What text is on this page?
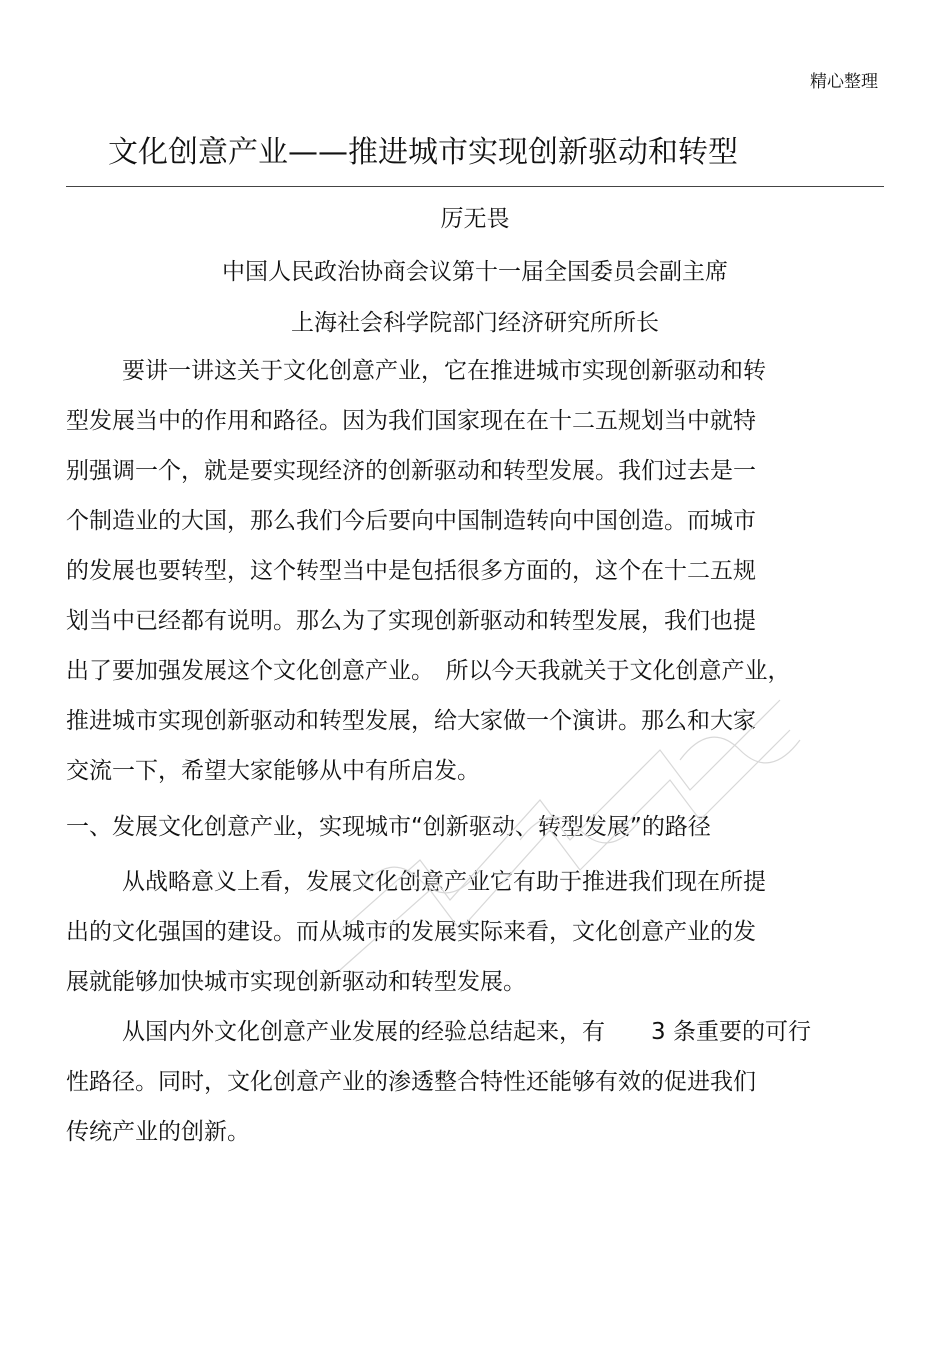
精心整理
文化创意产业——推进城市实现创新驱动和转型
厉无畏
中国人民政治协商会议第十一届全国委员会副主席
上海社会科学院部门经济研究所所长
要讲一讲这关于文化创意产业，它在推进城市实现创新驱动和转
型发展当中的作用和路径。因为我们国家现在在十二五规划当中就特
别强调一个，就是要实现经济的创新驱动和转型发展。我们过去是一
个制造业的大国，那么我们今后要向中国制造转向中国创造。而城市
的发展也要转型，这个转型当中是包括很多方面的，这个在十二五规
划当中已经都有说明。那么为了实现创新驱动和转型发展，我们也提
出了要加强发展这个文化创意产业。　所以今天我就关于文化创意产业，
推进城市实现创新驱动和转型发展，给大家做一个演讲。那么和大家
交流一下，希望大家能够从中有所启发。
一、发展文化创意产业，实现城市“创新驱动、转型发展”的路径
从战略意义上看，发展文化创意产业它有助于推进我们现在所提
出的文化强国的建设。而从城市的发展实际来看，文化创意产业的发
展就能够加快城市实现创新驱动和转型发展。
从国内外文化创意产业发展的经验总结起来，有　　3 条重要的可行
性路径。同时，文化创意产业的渗透整合特性还能够有效的促进我们
传统产业的创新。
